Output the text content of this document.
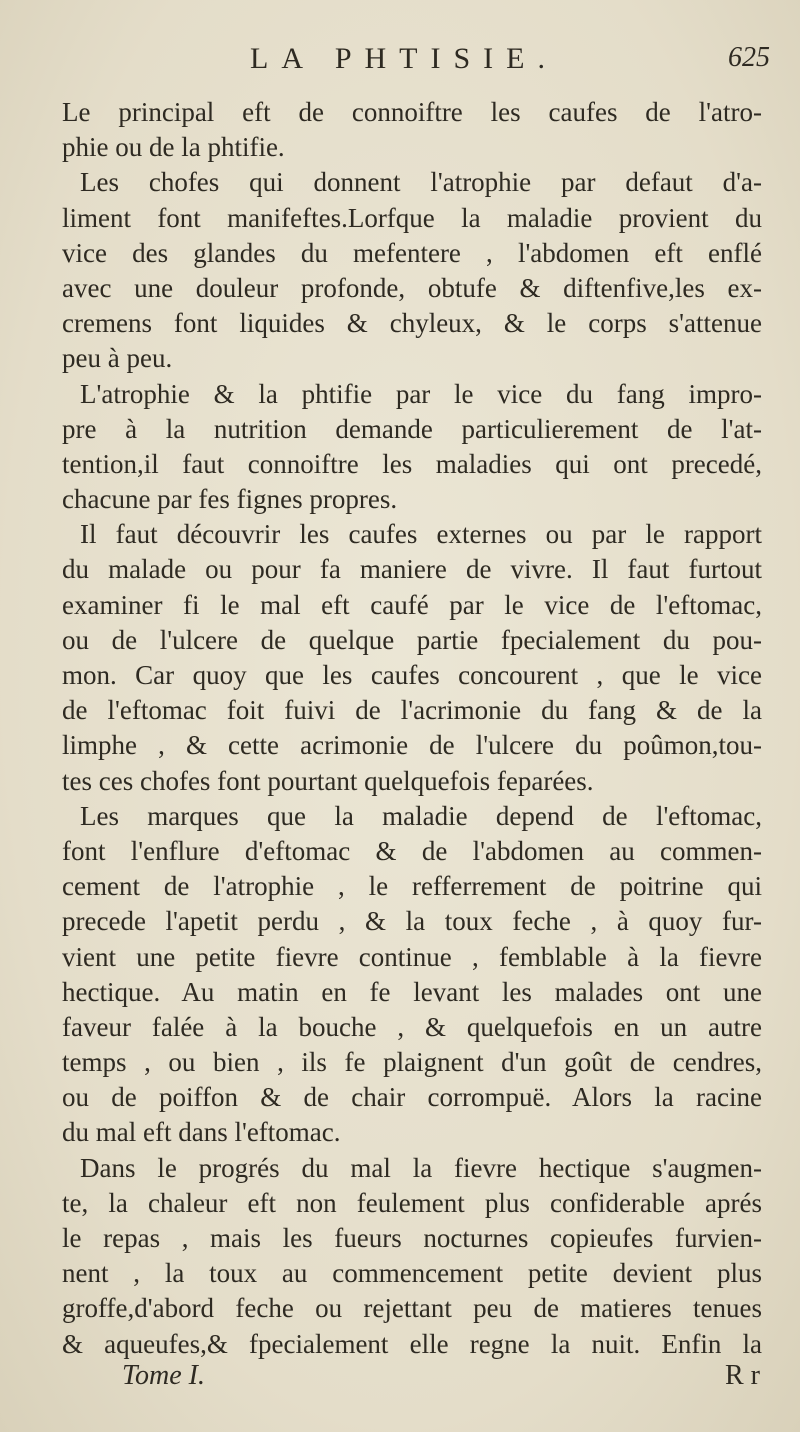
LA PHTISIE.	625
Le principal eft de connoiftre les caufes de l'atro-
phie ou de la phtifie.
Les chofes qui donnent l'atrophie par defaut d'a-
liment font manifeftes.Lorfque la maladie provient du
vice des glandes du mefentere , l'abdomen eft enflé
avec une douleur profonde, obtufe & diftenfive,les ex-
cremens font liquides & chyleux, & le corps s'attenue
peu à peu.
L'atrophie & la phtifie par le vice du fang impro-
pre à la nutrition demande particulierement de l'at-
tention,il faut connoiftre les maladies qui ont precedé,
chacune par fes fignes propres.
Il faut découvrir les caufes externes ou par le rapport
du malade ou pour fa maniere de vivre. Il faut furtout
examiner fi le mal eft caufé par le vice de l'eftomac,
ou de l'ulcere de quelque partie fpecialement du pou-
mon. Car quoy que les caufes concourent , que le vice
de l'eftomac foit fuivi de l'acrimonie du fang & de la
limphe , & cette acrimonie de l'ulcere du poûmon,tou-
tes ces chofes font pourtant quelquefois feparées.
Les marques que la maladie depend de l'eftomac,
font l'enflure d'eftomac & de l'abdomen au commen-
cement de l'atrophie , le refferrement de poitrine qui
precede l'apetit perdu , & la toux feche , à quoy fur-
vient une petite fievre continue , femblable à la fievre
hectique. Au matin en fe levant les malades ont une
faveur falée à la bouche , & quelquefois en un autre
temps , ou bien , ils fe plaignent d'un goût de cendres,
ou de poiffon & de chair corrompuë. Alors la racine
du mal eft dans l'eftomac.
Dans le progrés du mal la fievre hectique s'augmen-
te, la chaleur eft non feulement plus confiderable aprés
le repas , mais les fueurs nocturnes copieufes furvien-
nent , la toux au commencement petite devient plus
groffe,d'abord feche ou rejettant peu de matieres tenues
& aqueufes,& fpecialement elle regne la nuit. Enfin la
Tome I.	R r
